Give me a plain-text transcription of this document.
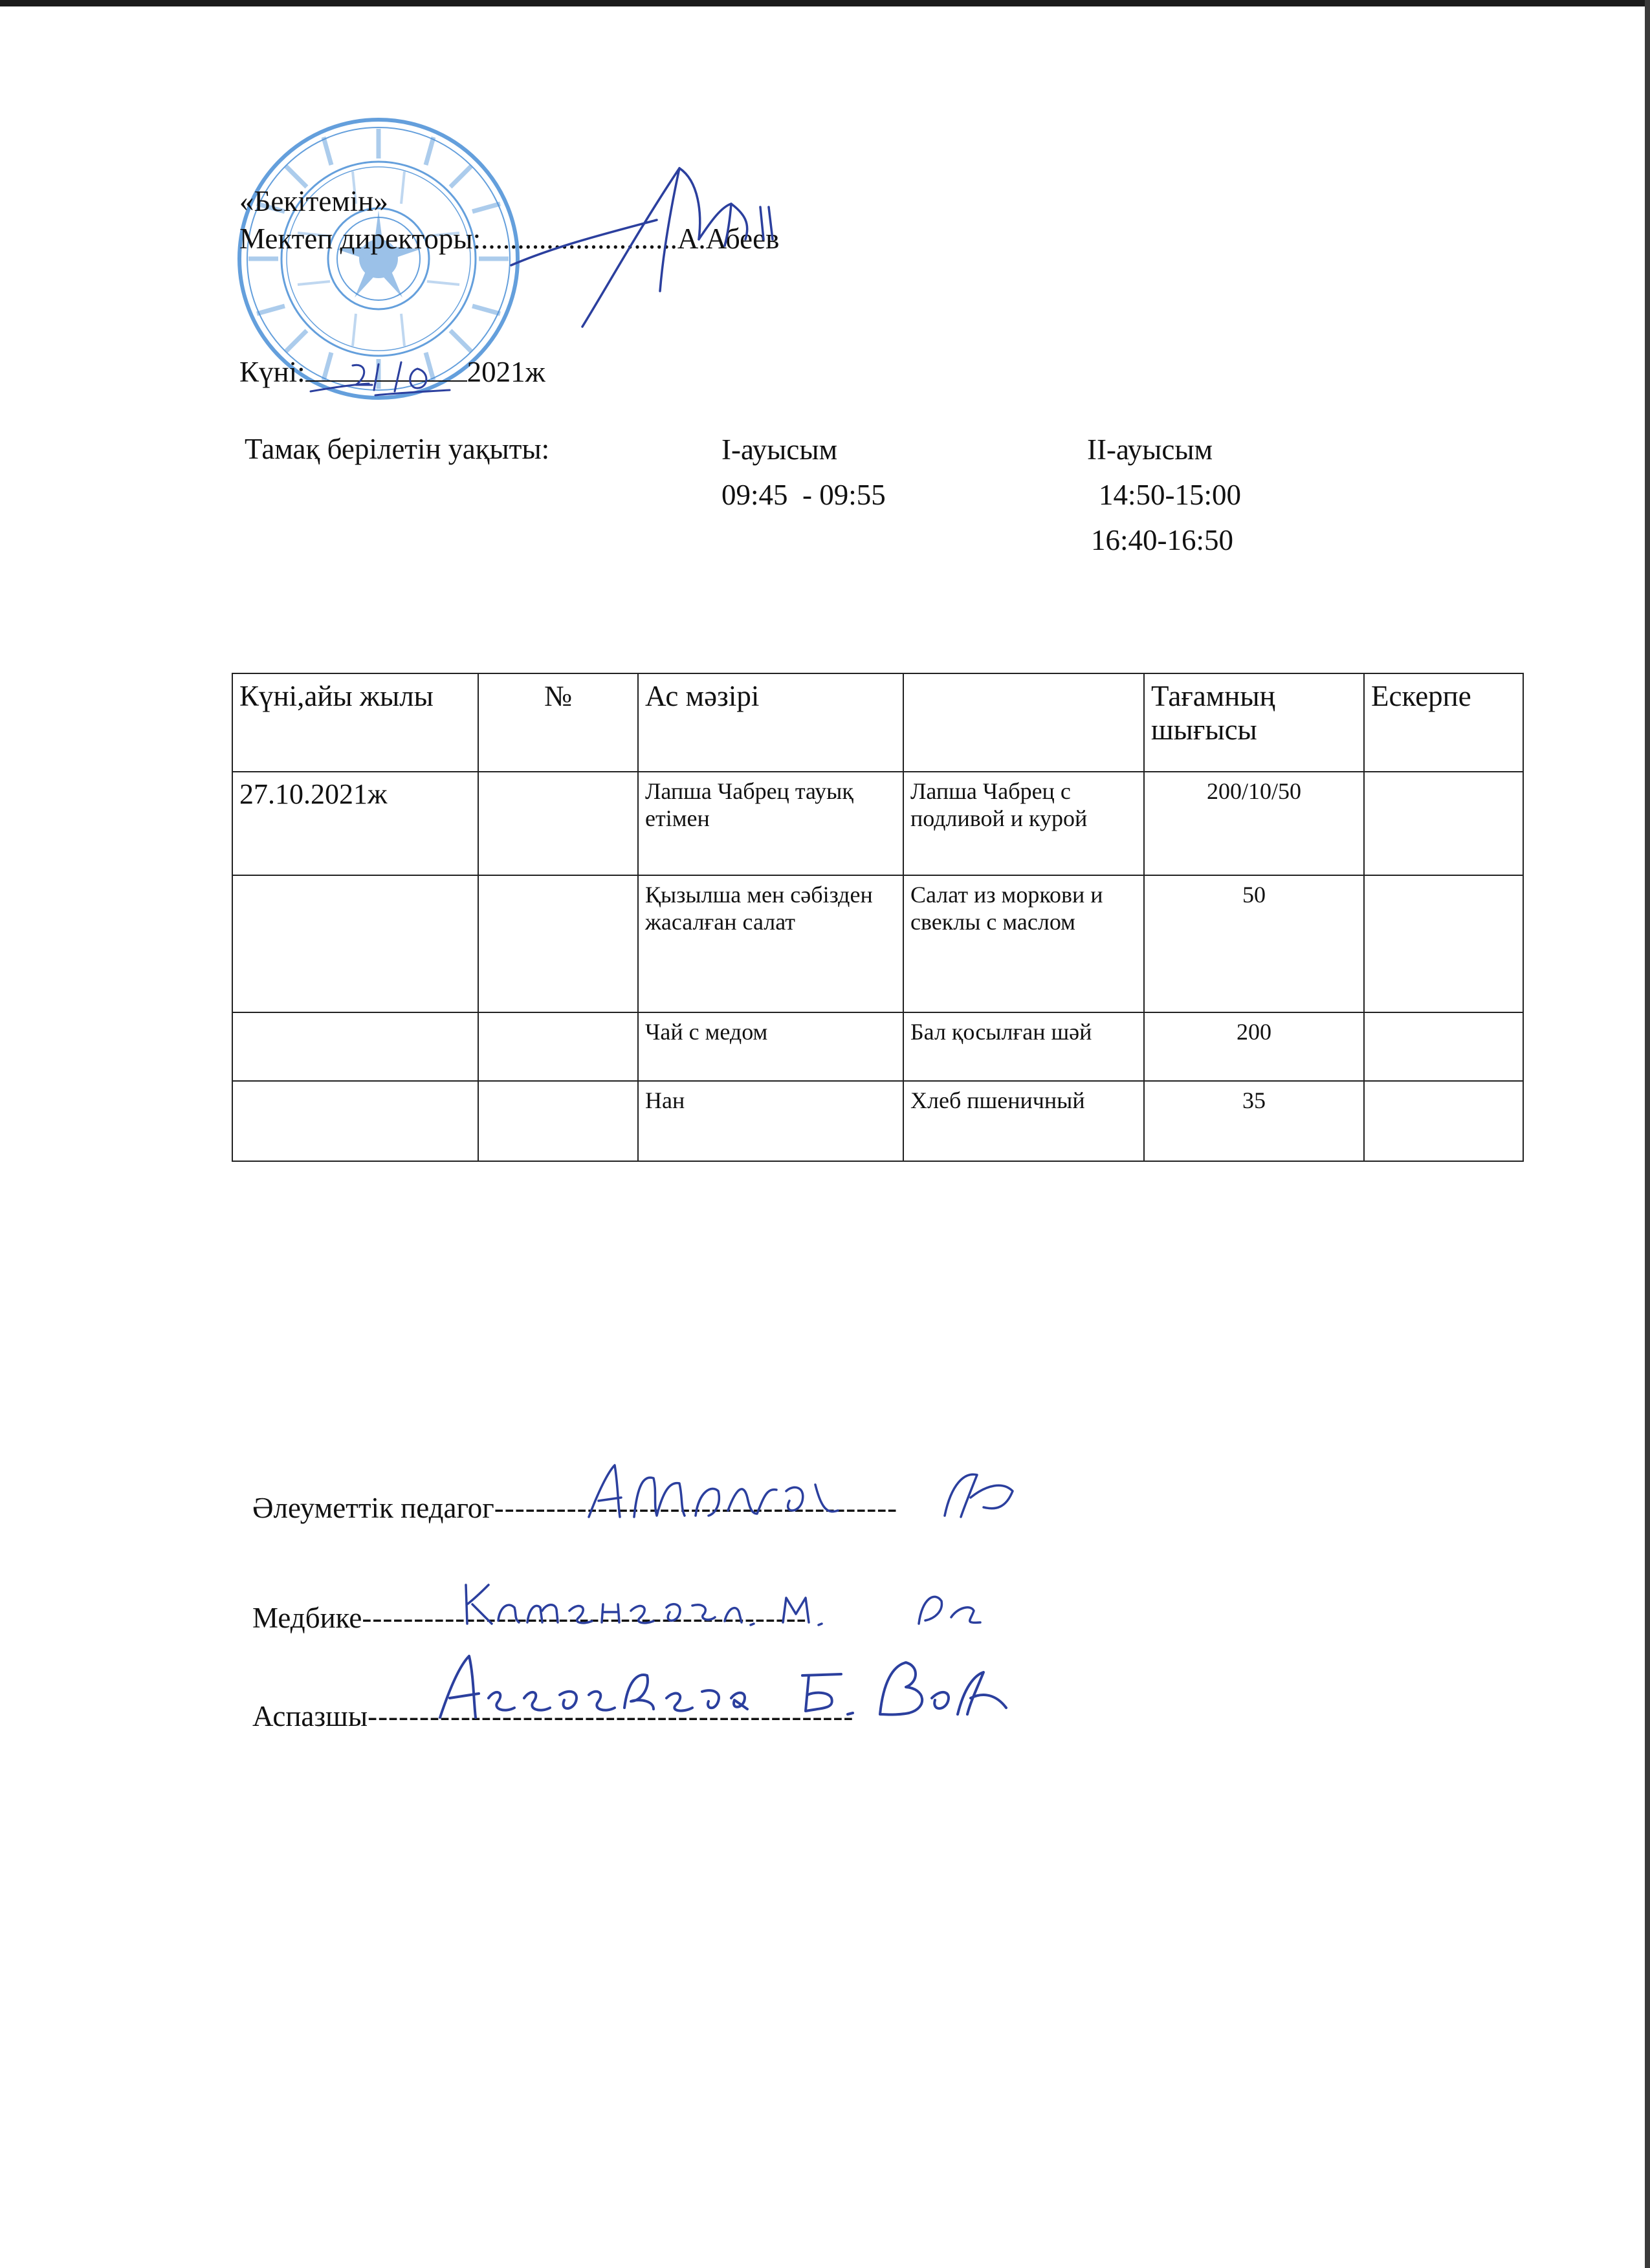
«Бекітемін»
Мектеп директоры:...........................А.Абеев
Күні:	2021ж
Тамақ берілетін уақыты:	I-ауысым
09:45  - 09:55
II-ауысым
14:50-15:00
16:40-16:50
Күні,айы жылы	№	Ас мәзірі		Тағамның шығысы	Ескерпе
27.10.2021ж		Лапша Чабрец тауық етімен	Лапша Чабрец с подливой и курой	200/10/50	
		Қызылша мен сәбізден жасалған салат	Салат из моркови и свеклы с маслом	50	
		Чай с медом	Бал қосылған шәй	200	
		Нан	Хлеб пшеничный	35	
Әлеуметтік педагог---------------------------------------
Медбике-------------------------------------------
Аспазшы-----------------------------------------------
